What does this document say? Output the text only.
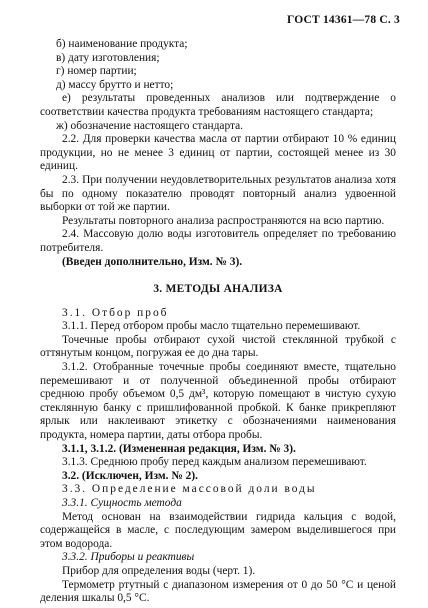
ГОСТ 14361—78 С. 3
б) наименование продукта;
в) дату изготовления;
г) номер партии;
д) массу брутто и нетто;
е) результаты проведенных анализов или подтверждение о соответствии качества продукта требованиям настоящего стандарта;
ж) обозначение настоящего стандарта.
2.2. Для проверки качества масла от партии отбирают 10 % единиц продукции, но не менее 3 единиц от партии, состоящей менее из 30 единиц.
2.3. При получении неудовлетворительных результатов анализа хотя бы по одному показателю проводят повторный анализ удвоенной выборки от той же партии.
Результаты повторного анализа распространяются на всю партию.
2.4. Массовую долю воды изготовитель определяет по требованию потребителя.
(Введен дополнительно, Изм. № 3).
3. МЕТОДЫ АНАЛИЗА
3.1. Отбор проб
3.1.1. Перед отбором пробы масло тщательно перемешивают.
Точечные пробы отбирают сухой чистой стеклянной трубкой с оттянутым концом, погружая ее до дна тары.
3.1.2. Отобранные точечные пробы соединяют вместе, тщательно перемешивают и от полученной объединенной пробы отбирают среднюю пробу объемом 0,5 дм³, которую помещают в чистую сухую стеклянную банку с пришлифованной пробкой. К банке прикрепляют ярлык или наклеивают этикетку с обозначениями наименования продукта, номера партии, даты отбора пробы.
3.1.1, 3.1.2. (Измененная редакция, Изм. № 3).
3.1.3. Среднюю пробу перед каждым анализом перемешивают.
3.2. (Исключен, Изм. № 2).
3.3. Определение массовой доли воды
3.3.1. Сущность метода
Метод основан на взаимодействии гидрида кальция с водой, содержащейся в масле, с последующим замером выделившегося при этом водорода.
3.3.2. Приборы и реактивы
Прибор для определения воды (черт. 1).
Термометр ртутный с диапазоном измерения от 0 до 50 °С и ценой деления шкалы 0,5 °С.
